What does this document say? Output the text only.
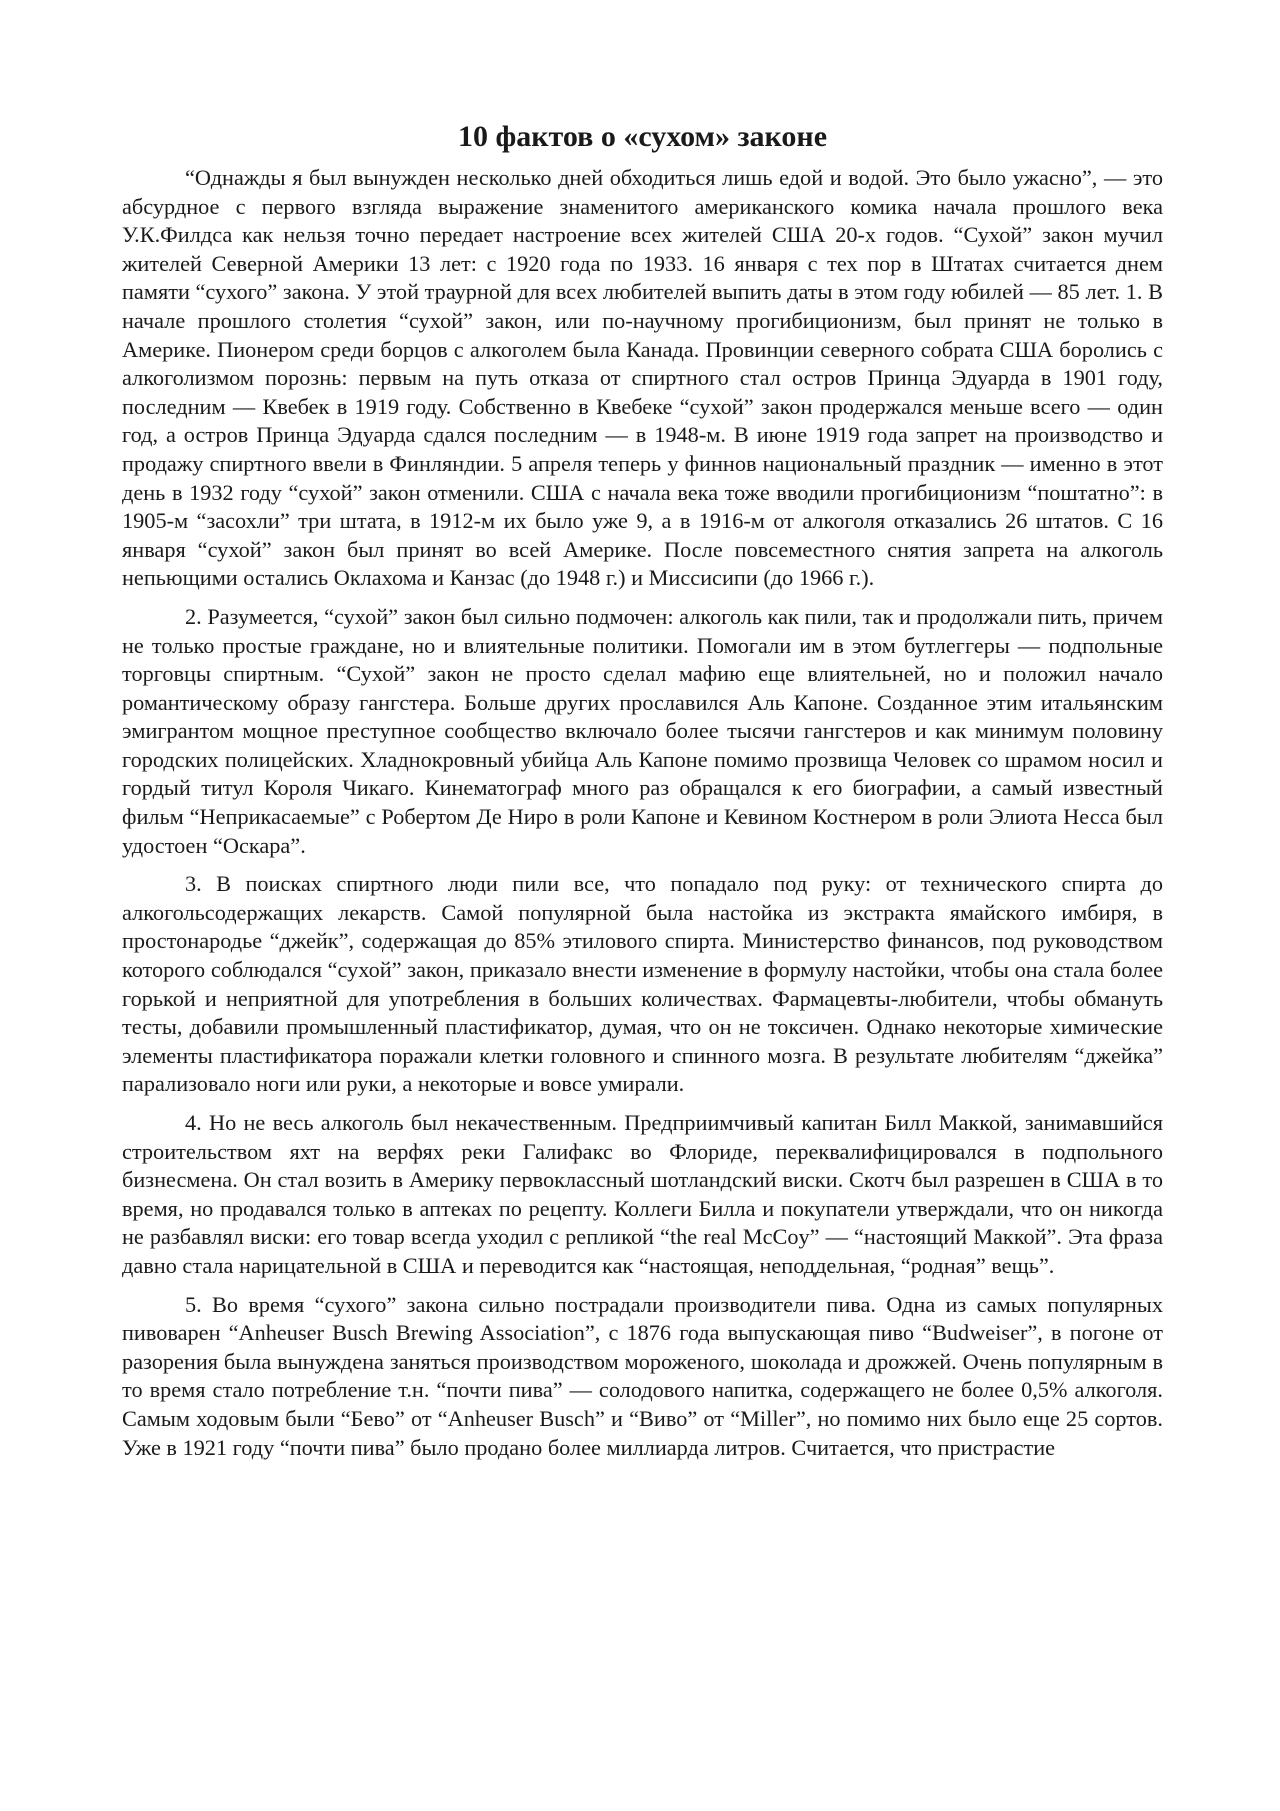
10 фактов о «сухом» законе

“Однажды я был вынужден несколько дней обходиться лишь едой и водой. Это было ужасно”, — это абсурдное с первого взгляда выражение знаменитого американского комика начала прошлого века У.К.Филдса как нельзя точно передает настроение всех жителей США 20-х годов. “Сухой” закон мучил жителей Северной Америки 13 лет: с 1920 года по 1933. 16 января с тех пор в Штатах считается днем памяти “сухого” закона. У этой траурной для всех любителей выпить даты в этом году юбилей — 85 лет. 1. В начале прошлого столетия “сухой” закон, или по-научному прогибиционизм, был принят не только в Америке. Пионером среди борцов с алкоголем была Канада. Провинции северного собрата США боролись с алкоголизмом порознь: первым на путь отказа от спиртного стал остров Принца Эдуарда в 1901 году, последним — Квебек в 1919 году. Собственно в Квебеке “сухой” закон продержался меньше всего — один год, а остров Принца Эдуарда сдался последним — в 1948-м. В июне 1919 года запрет на производство и продажу спиртного ввели в Финляндии. 5 апреля теперь у финнов национальный праздник — именно в этот день в 1932 году “сухой” закон отменили. США с начала века тоже вводили прогибиционизм “поштатно”: в 1905-м “засохли” три штата, в 1912-м их было уже 9, а в 1916-м от алкоголя отказались 26 штатов. С 16 января “сухой” закон был принят во всей Америке. После повсеместного снятия запрета на алкоголь непьющими остались Оклахома и Канзас (до 1948 г.) и Миссисипи (до 1966 г.).

2. Разумеется, “сухой” закон был сильно подмочен: алкоголь как пили, так и продолжали пить, причем не только простые граждане, но и влиятельные политики. Помогали им в этом бутлеггеры — подпольные торговцы спиртным. “Сухой” закон не просто сделал мафию еще влиятельней, но и положил начало романтическому образу гангстера. Больше других прославился Аль Капоне. Созданное этим итальянским эмигрантом мощное преступное сообщество включало более тысячи гангстеров и как минимум половину городских полицейских. Хладнокровный убийца Аль Капоне помимо прозвища Человек со шрамом носил и гордый титул Короля Чикаго. Кинематограф много раз обращался к его биографии, а самый известный фильм “Неприкасаемые” с Робертом Де Ниро в роли Капоне и Кевином Костнером в роли Элиота Несса был удостоен “Оскара”.

3. В поисках спиртного люди пили все, что попадало под руку: от технического спирта до алкогольсодержащих лекарств. Самой популярной была настойка из экстракта ямайского имбиря, в простонародье “джейк”, содержащая до 85% этилового спирта. Министерство финансов, под руководством которого соблюдался “сухой” закон, приказало внести изменение в формулу настойки, чтобы она стала более горькой и неприятной для употребления в больших количествах. Фармацевты-любители, чтобы обмануть тесты, добавили промышленный пластификатор, думая, что он не токсичен. Однако некоторые химические элементы пластификатора поражали клетки головного и спинного мозга. В результате любителям “джейка” парализовало ноги или руки, а некоторые и вовсе умирали.

4. Но не весь алкоголь был некачественным. Предприимчивый капитан Билл Маккой, занимавшийся строительством яхт на верфях реки Галифакс во Флориде, переквалифицировался в подпольного бизнесмена. Он стал возить в Америку первоклассный шотландский виски. Скотч был разрешен в США в то время, но продавался только в аптеках по рецепту. Коллеги Билла и покупатели утверждали, что он никогда не разбавлял виски: его товар всегда уходил с репликой “the real McCoy” — “настоящий Маккой”. Эта фраза давно стала нарицательной в США и переводится как “настоящая, неподдельная, “родная” вещь”.

5. Во время “сухого” закона сильно пострадали производители пива. Одна из самых популярных пивоварен “Anheuser Busch Brewing Association”, с 1876 года выпускающая пиво “Budweiser”, в погоне от разорения была вынуждена заняться производством мороженого, шоколада и дрожжей. Очень популярным в то время стало потребление т.н. “почти пива” — солодового напитка, содержащего не более 0,5% алкоголя. Самым ходовым были “Бево” от “Anheuser Busch” и “Виво” от “Miller”, но помимо них было еще 25 сортов. Уже в 1921 году “почти пива” было продано более миллиарда литров. Считается, что пристрастие
